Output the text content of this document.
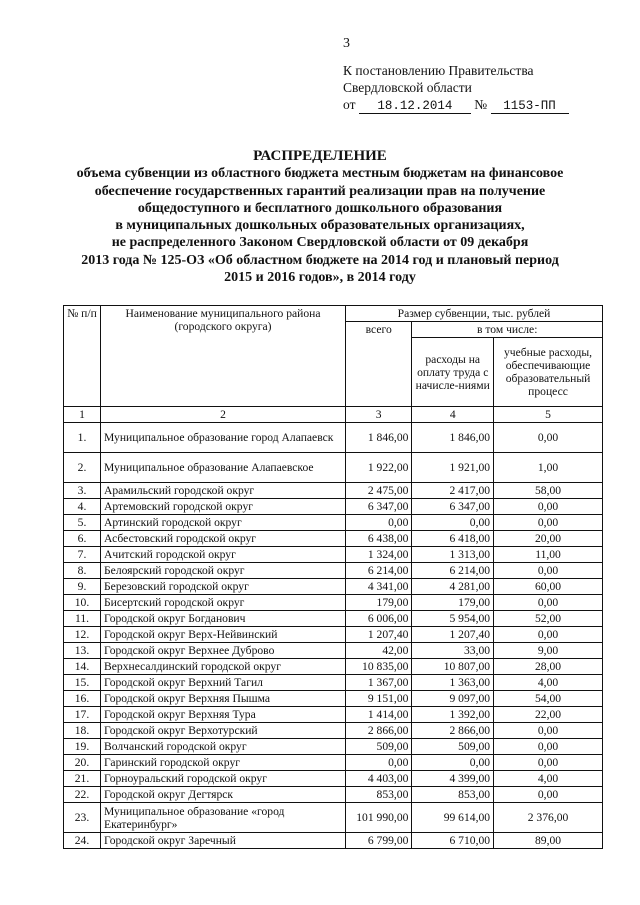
3
К постановлению Правительства
Свердловской области
от 18.12.2014 № 1153-ПП
РАСПРЕДЕЛЕНИЕ
объема субвенции из областного бюджета местным бюджетам на финансовое
обеспечение государственных гарантий реализации прав на получение
общедоступного и бесплатного дошкольного образования
в муниципальных дошкольных образовательных организациях,
не распределенного Законом Свердловской области от 09 декабря
2013 года № 125-ОЗ «Об областном бюджете на 2014 год и плановый период
2015 и 2016 годов», в 2014 году
№ п/п	Наименование муниципального района (городского округа)	Размер субвенции, тыс. рублей		
		всего	в том числе:	
			расходы на оплату труда с начисле-ниями	учебные расходы, обеспечивающие образовательный процесс
1	2	3	4	5
1.	Муниципальное образование город Алапаевск	1 846,00	1 846,00	0,00
2.	Муниципальное образование Алапаевское	1 922,00	1 921,00	1,00
3.	Арамильский городской округ	2 475,00	2 417,00	58,00
4.	Артемовский городской округ	6 347,00	6 347,00	0,00
5.	Артинский городской округ	0,00	0,00	0,00
6.	Асбестовский городской округ	6 438,00	6 418,00	20,00
7.	Ачитский городской округ	1 324,00	1 313,00	11,00
8.	Белоярский городской округ	6 214,00	6 214,00	0,00
9.	Березовский городской округ	4 341,00	4 281,00	60,00
10.	Бисертский городской округ	179,00	179,00	0,00
11.	Городской округ Богданович	6 006,00	5 954,00	52,00
12.	Городской округ Верх-Нейвинский	1 207,40	1 207,40	0,00
13.	Городской округ Верхнее Дуброво	42,00	33,00	9,00
14.	Верхнесалдинский городской округ	10 835,00	10 807,00	28,00
15.	Городской округ Верхний Тагил	1 367,00	1 363,00	4,00
16.	Городской округ Верхняя Пышма	9 151,00	9 097,00	54,00
17.	Городской округ Верхняя Тура	1 414,00	1 392,00	22,00
18.	Городской округ Верхотурский	2 866,00	2 866,00	0,00
19.	Волчанский городской округ	509,00	509,00	0,00
20.	Гаринский городской округ	0,00	0,00	0,00
21.	Горноуральский городской округ	4 403,00	4 399,00	4,00
22.	Городской округ Дегтярск	853,00	853,00	0,00
23.	Муниципальное образование «город Екатеринбург»	101 990,00	99 614,00	2 376,00
24.	Городской округ Заречный	6 799,00	6 710,00	89,00
